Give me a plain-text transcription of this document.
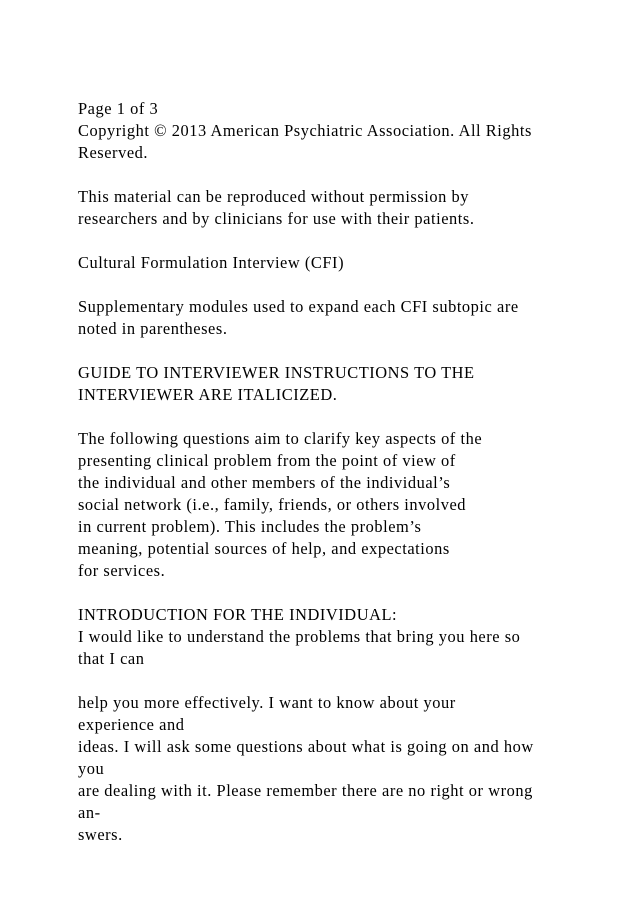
Page 1 of 3

Copyright © 2013 American Psychiatric Association. All Rights

Reserved.

This material can be reproduced without permission by

researchers and by clinicians for use with their patients.

Cultural Formulation Interview (CFI)

Supplementary modules used to expand each CFI subtopic are

noted in parentheses.

GUIDE TO INTERVIEWER INSTRUCTIONS TO THE

INTERVIEWER ARE ITALICIZED.

The following questions aim to clarify key aspects of the

presenting clinical problem from the point of view of

the individual and other members of the individual’s

social network (i.e., family, friends, or others involved

in current problem). This includes the problem’s

meaning, potential sources of help, and expectations

for services.

INTRODUCTION FOR THE INDIVIDUAL:

I would like to understand the problems that bring you here so

that I can

help you more effectively. I want to know about your

experience and

ideas. I will ask some questions about what is going on and how

you

are dealing with it. Please remember there are no right or wrong

an-

swers.
